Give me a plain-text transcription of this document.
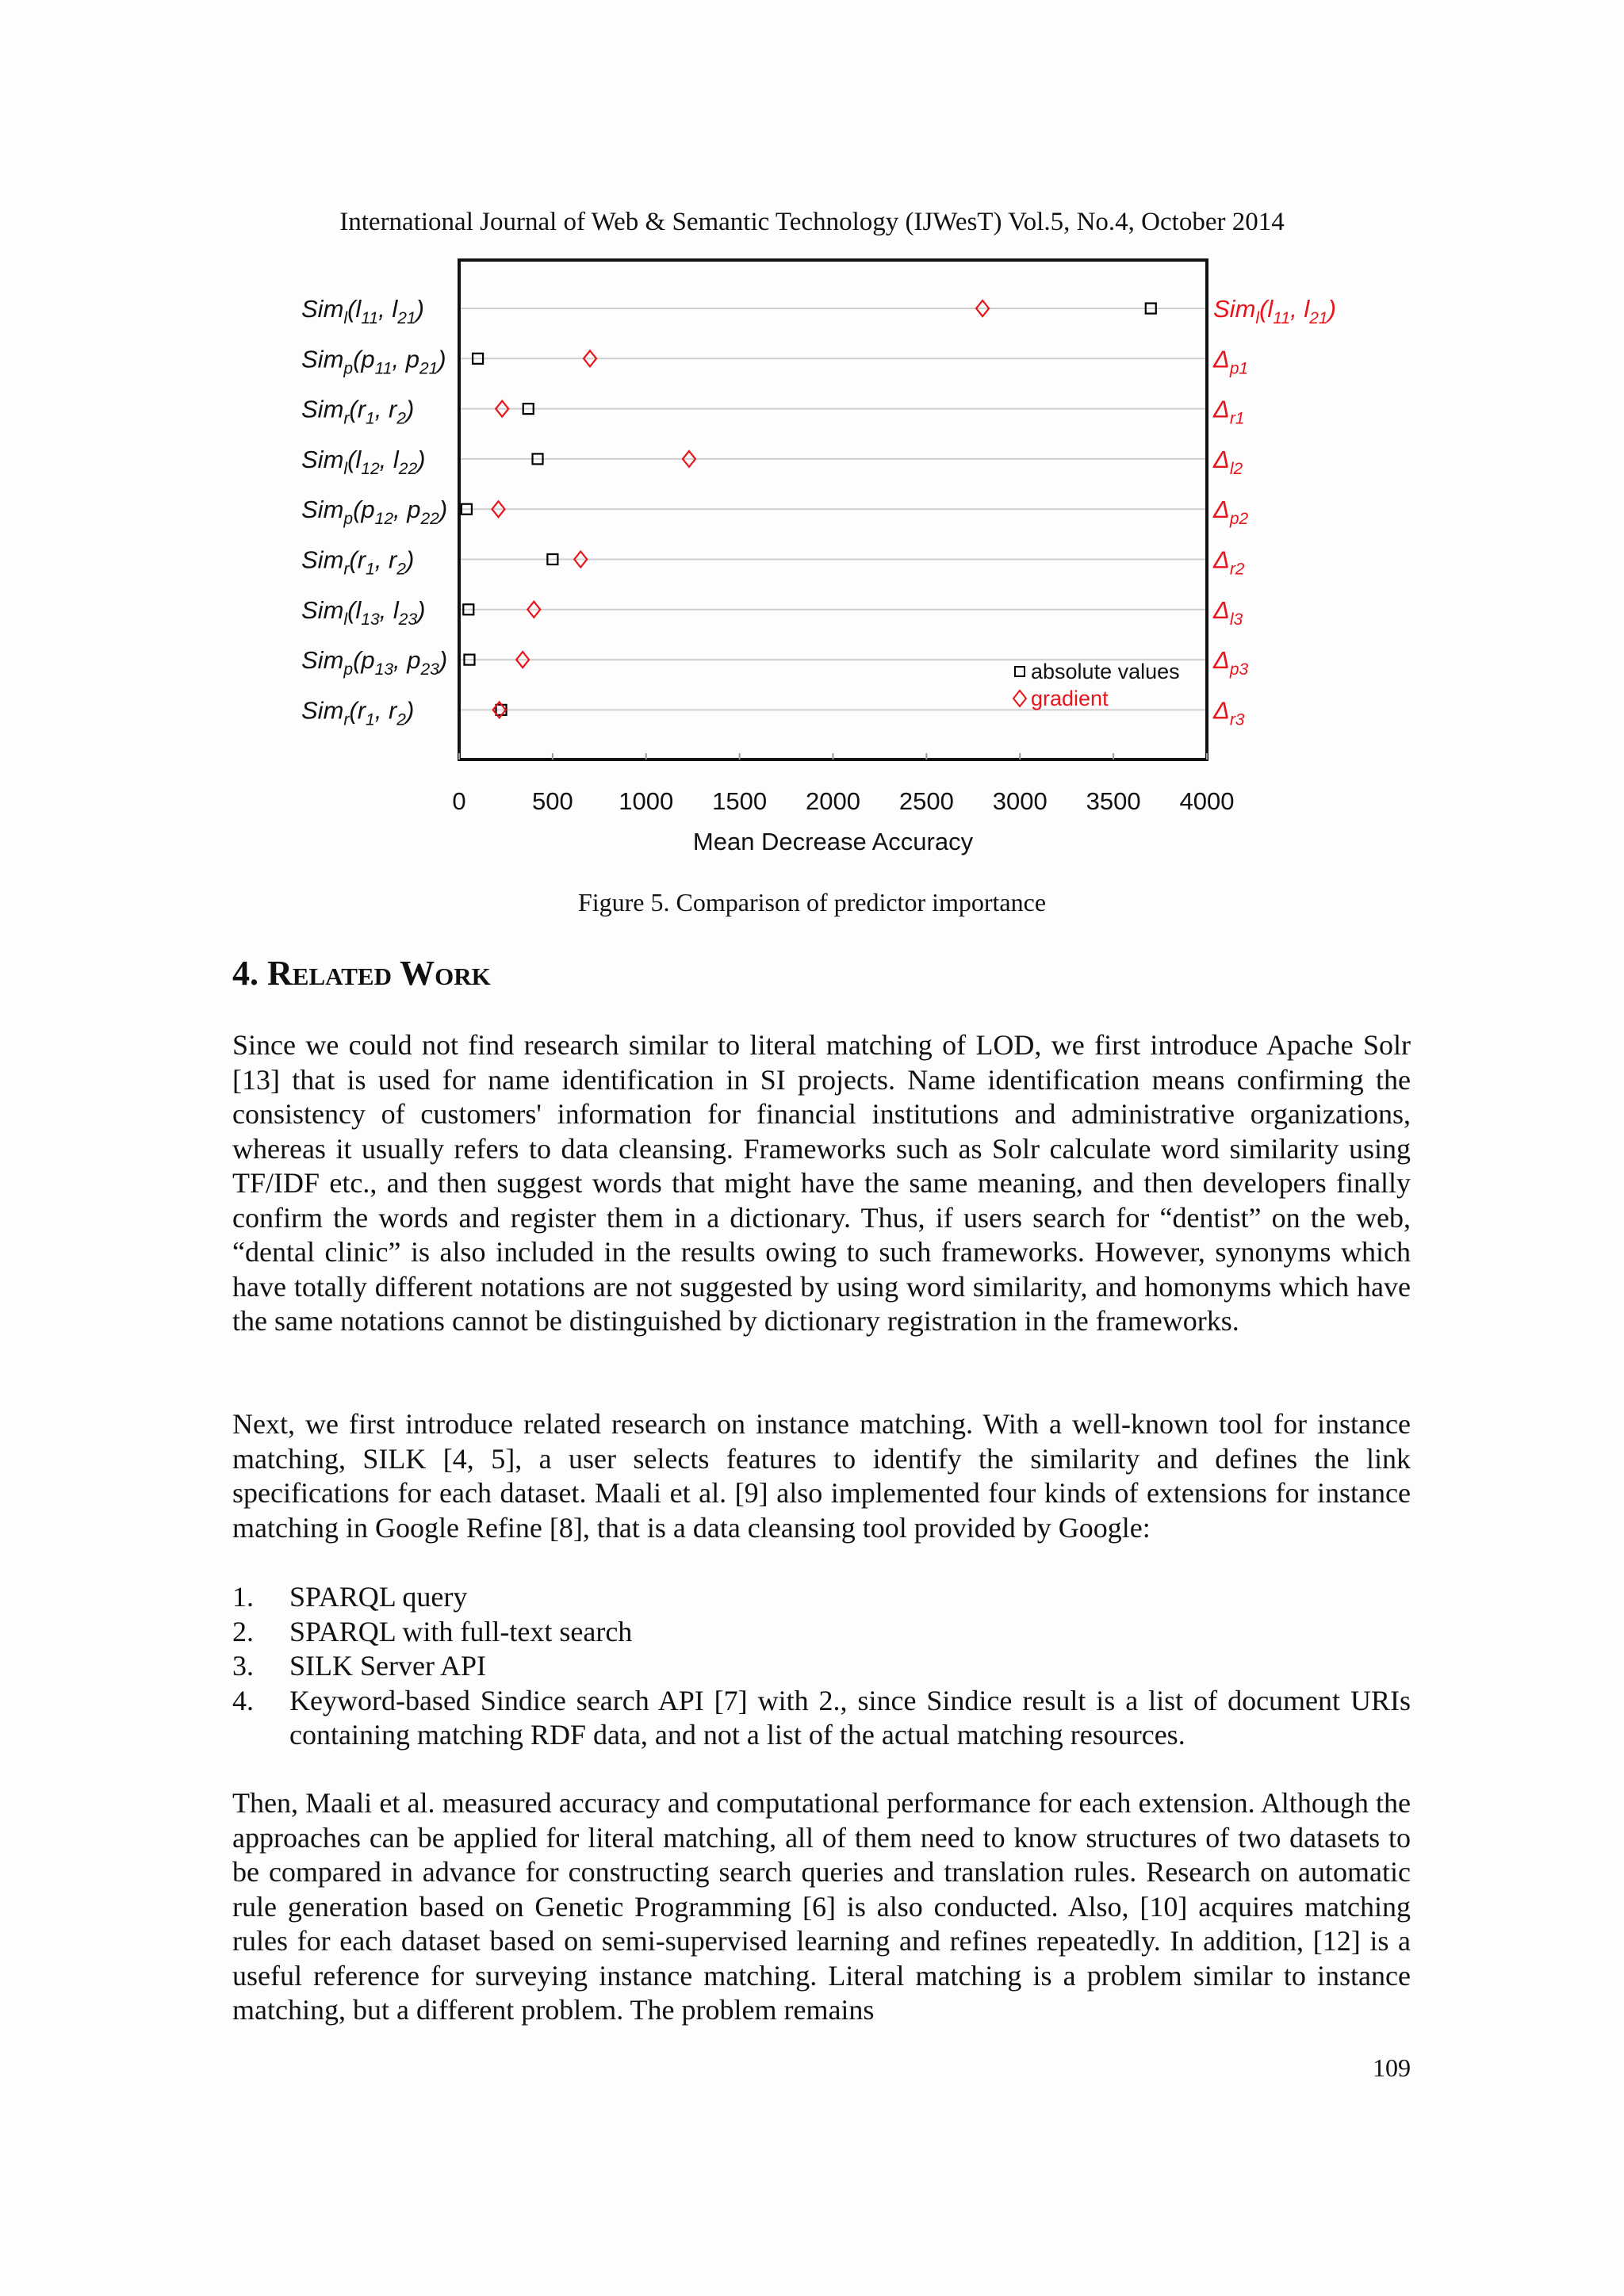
International Journal of Web & Semantic Technology (IJWesT) Vol.5, No.4, October 2014
0	500 1000 1500 2000 2500 3000 3500 4000
Mean Decrease Accuracy
$Sim_l(l_{11}$, $l_{21}$)
$Sim_p(p_{11}$, $p_{21}$)
$Sim_r(r_1$, $r_2$)
$Sim_l(l_{12}$, $l_{22}$)
$Sim_p(p_{12}$, $p_{22}$)
$Sim_r(r_1$, $r_2$)
$Sim_l(l_{13}$, $l_{23}$)
$Sim_p(p_{13}$, $p_{23}$)
$Sim_r(r_1$, $r_2$)
$Sim_l(l_{11}$, $l_{21}$)
$\Delta_{p1}$
$\Delta_{r1}$
$\Delta_{l2}$
$\Delta_{p2}$
$\Delta_{r2}$
$\Delta_{l3}$
$\Delta_{p3}$
$\Delta_{r3}$
absolute values
gradient
Figure 5. Comparison of predictor importance
4. Related Work
Since we could not find research similar to literal matching of LOD, we first introduce Apache Solr [13] that is used for name identification in SI projects. Name identification means confirming the consistency of customers' information for financial institutions and administrative organizations, whereas it usually refers to data cleansing. Frameworks such as Solr calculate word similarity using TF/IDF etc., and then suggest words that might have the same meaning, and then developers finally confirm the words and register them in a dictionary. Thus, if users search for “dentist” on the web, “dental clinic” is also included in the results owing to such frameworks. However, synonyms which have totally different notations are not suggested by using word similarity, and homonyms which have the same notations cannot be distinguished by dictionary registration in the frameworks.
Next, we first introduce related research on instance matching. With a well-known tool for instance matching, SILK [4, 5], a user selects features to identify the similarity and defines the link specifications for each dataset. Maali et al. [9] also implemented four kinds of extensions for instance matching in Google Refine [8], that is a data cleansing tool provided by Google:
1.	SPARQL query
2.	SPARQL with full-text search
3.	SILK Server API
4.	Keyword-based Sindice search API [7] with 2., since Sindice result is a list of document URIs containing matching RDF data, and not a list of the actual matching resources.
Then, Maali et al. measured accuracy and computational performance for each extension. Although the approaches can be applied for literal matching, all of them need to know structures of two datasets to be compared in advance for constructing search queries and translation rules. Research on automatic rule generation based on Genetic Programming [6] is also conducted. Also, [10] acquires matching rules for each dataset based on semi-supervised learning and refines repeatedly. In addition, [12] is a useful reference for surveying instance matching. Literal matching is a problem similar to instance matching, but a different problem. The problem remains
109
